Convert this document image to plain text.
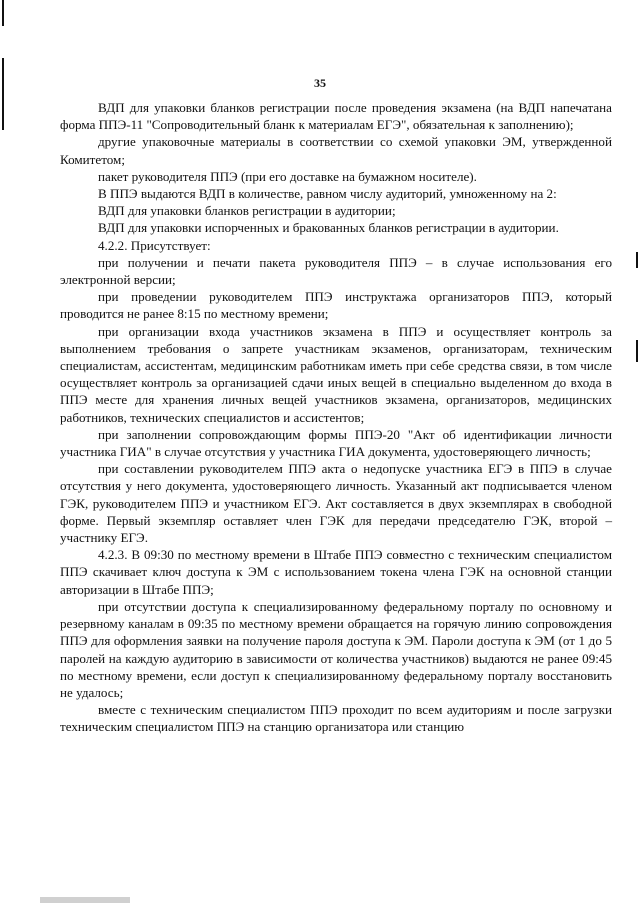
35

ВДП для упаковки бланков регистрации после проведения экзамена (на ВДП напечатана форма ППЭ-11 "Сопроводительный бланк к материалам ЕГЭ", обязательная к заполнению);

другие упаковочные материалы в соответствии со схемой упаковки ЭМ, утвержденной Комитетом;

пакет руководителя ППЭ (при его доставке на бумажном носителе).

В ППЭ выдаются ВДП в количестве, равном числу аудиторий, умноженному на 2:

ВДП для упаковки бланков регистрации в аудитории;

ВДП для упаковки испорченных и бракованных бланков регистрации в аудитории.

4.2.2. Присутствует:

при получении и печати пакета руководителя ППЭ – в случае использования его электронной версии;

при проведении руководителем ППЭ инструктажа организаторов ППЭ, который проводится не ранее 8:15 по местному времени;

при организации входа участников экзамена в ППЭ и осуществляет контроль за выполнением требования о запрете участникам экзаменов, организаторам, техническим специалистам, ассистентам, медицинским работникам иметь при себе средства связи, в том числе осуществляет контроль за организацией сдачи иных вещей в специально выделенном до входа в ППЭ месте для хранения личных вещей участников экзамена, организаторов, медицинских работников, технических специалистов и ассистентов;

при заполнении сопровождающим формы ППЭ-20 "Акт об идентификации личности участника ГИА" в случае отсутствия у участника ГИА документа, удостоверяющего личность;

при составлении руководителем ППЭ акта о недопуске участника ЕГЭ в ППЭ в случае отсутствия у него документа, удостоверяющего личность. Указанный акт подписывается членом ГЭК, руководителем ППЭ и участником ЕГЭ. Акт составляется в двух экземплярах в свободной форме. Первый экземпляр оставляет член ГЭК для передачи председателю ГЭК, второй – участнику ЕГЭ.

4.2.3. В 09:30 по местному времени в Штабе ППЭ совместно с техническим специалистом ППЭ скачивает ключ доступа к ЭМ с использованием токена члена ГЭК на основной станции авторизации в Штабе ППЭ;

при отсутствии доступа к специализированному федеральному порталу по основному и резервному каналам в 09:35 по местному времени обращается на горячую линию сопровождения ППЭ для оформления заявки на получение пароля доступа к ЭМ. Пароли доступа к ЭМ (от 1 до 5 паролей на каждую аудиторию в зависимости от количества участников) выдаются не ранее 09:45 по местному времени, если доступ к специализированному федеральному порталу восстановить не удалось;

вместе с техническим специалистом ППЭ проходит по всем аудиториям и после загрузки техническим специалистом ППЭ на станцию организатора или станцию
